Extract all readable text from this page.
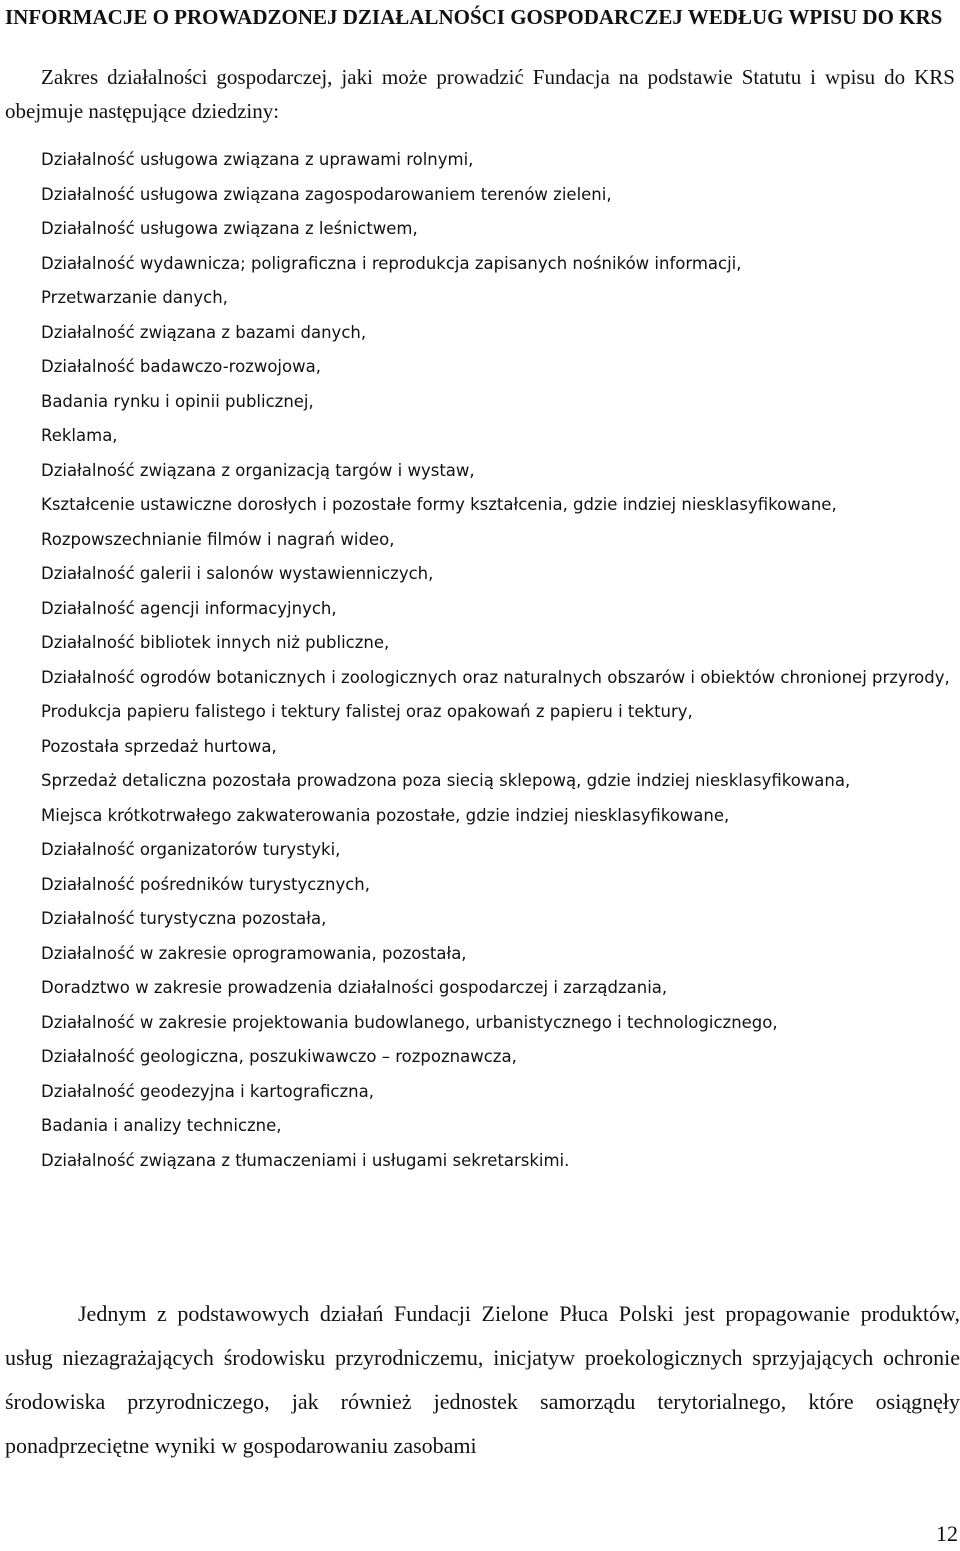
INFORMACJE O PROWADZONEJ DZIAŁALNOŚCI GOSPODARCZEJ WEDŁUG WPISU DO KRS

Zakres działalności gospodarczej, jaki może prowadzić Fundacja na podstawie Statutu i wpisu do KRS obejmuje następujące dziedziny:

Działalność usługowa związana z uprawami rolnymi,
Działalność usługowa związana zagospodarowaniem terenów zieleni,
Działalność usługowa związana z leśnictwem,
Działalność wydawnicza; poligraficzna i reprodukcja zapisanych nośników informacji,
Przetwarzanie danych,
Działalność związana z bazami danych,
Działalność badawczo-rozwojowa,
Badania rynku i opinii publicznej,
Reklama,
Działalność związana z organizacją targów i wystaw,
Kształcenie ustawiczne dorosłych i pozostałe formy kształcenia, gdzie indziej niesklasyfikowane,
Rozpowszechnianie filmów i nagrań wideo,
Działalność galerii i salonów wystawienniczych,
Działalność agencji informacyjnych,
Działalność bibliotek innych niż publiczne,
Działalność ogrodów botanicznych i zoologicznych oraz naturalnych obszarów i obiektów chronionej przyrody,
Produkcja papieru falistego i tektury falistej oraz opakowań z papieru i tektury,
Pozostała sprzedaż hurtowa,
Sprzedaż detaliczna pozostała prowadzona poza siecią sklepową, gdzie indziej niesklasyfikowana,
Miejsca krótkotrwałego zakwaterowania pozostałe, gdzie indziej niesklasyfikowane,
Działalność organizatorów turystyki,
Działalność pośredników turystycznych,
Działalność turystyczna pozostała,
Działalność w zakresie oprogramowania, pozostała,
Doradztwo w zakresie prowadzenia działalności gospodarczej i zarządzania,
Działalność w zakresie projektowania budowlanego, urbanistycznego i technologicznego,
Działalność geologiczna, poszukiwawczo – rozpoznawcza,
Działalność geodezyjna i kartograficzna,
Badania i analizy techniczne,
Działalność związana z tłumaczeniami i usługami sekretarskimi.

Jednym z podstawowych działań Fundacji Zielone Płuca Polski jest propagowanie produktów, usług niezagrażających środowisku przyrodniczemu, inicjatyw proekologicznych sprzyjających ochronie środowiska przyrodniczego, jak również jednostek samorządu terytorialnego, które osiągnęły ponadprzeciętne wyniki w gospodarowaniu zasobami

12
